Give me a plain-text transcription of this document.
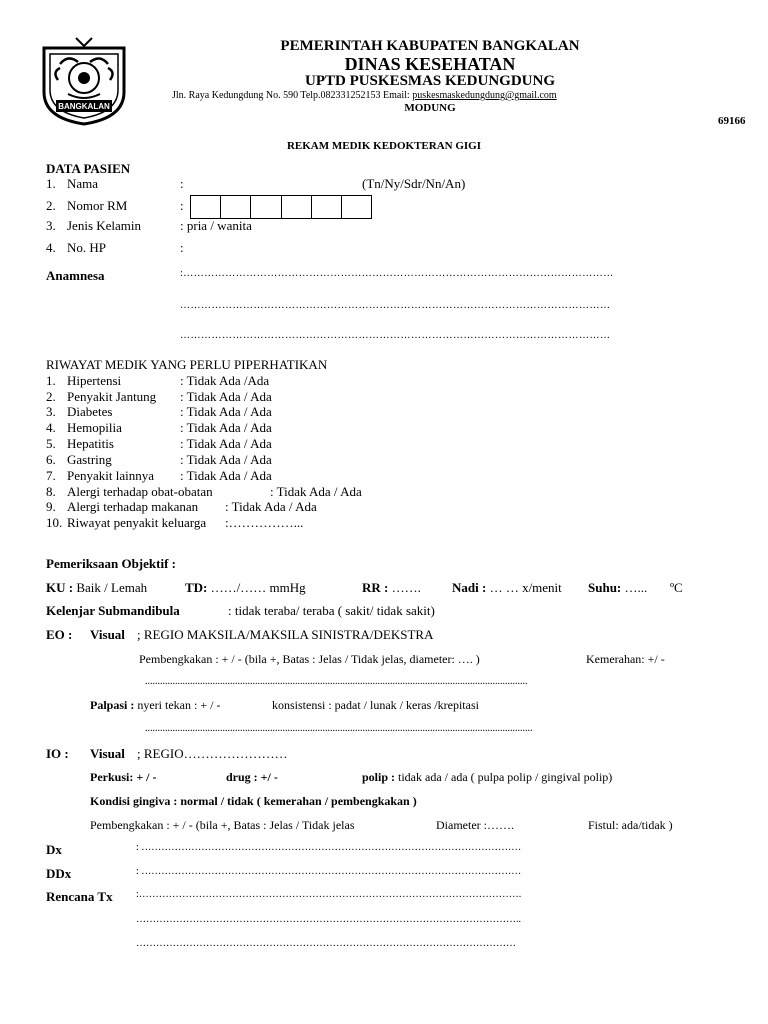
BANGKALAN
PEMERINTAH KABUPATEN BANGKALAN
DINAS KESEHATAN
UPTD PUSKESMAS KEDUNGDUNG
Jln. Raya Kedungdung No. 590 Telp.082331252153 Email: puskesmaskedungdung@gmail.com
MODUNG
69166
REKAM MEDIK KEDOKTERAN GIGI
DATA PASIEN
1. Nama	:	(Tn/Ny/Sdr/Nn/An)
2. Nomor RM	:
3. Jenis Kelamin	: pria / wanita
4. No. HP	:
Anamnesa	:……………………………………………………………………………………………………………
……………………………………………………………………………………………………………
……………………………………………………………………………………………………………
RIWAYAT MEDIK YANG PERLU PIPERHATIKAN
1. Hipertensi	: Tidak Ada /Ada
2. Penyakit Jantung : Tidak Ada / Ada
3. Diabetes	: Tidak Ada / Ada
4. Hemopilia	: Tidak Ada / Ada
5. Hepatitis	: Tidak Ada / Ada
6. Gastring	: Tidak Ada / Ada
7. Penyakit lainnya : Tidak Ada / Ada
8. Alergi terhadap obat-obatan	: Tidak Ada / Ada
9. Alergi terhadap makanan : Tidak Ada / Ada
10. Riwayat penyakit keluarga :……………...
Pemeriksaan Objektif :
KU : Baik / Lemah	TD: ……/…… mmHg	RR : ……. Nadi : … … x/menit Suhu: …... ºC
Kelenjar Submandibula	: tidak teraba/ teraba ( sakit/ tidak sakit)
EO : Visual ; REGIO MAKSILA/MAKSILA SINISTRA/DEKSTRA
Pembengkakan : + / - (bila +, Batas : Jelas / Tidak jelas, diameter: …. )	Kemerahan: +/ -
.........................................................................................................................................................
Palpasi : nyeri tekan : + / -	konsistensi : padat / lunak / keras /krepitasi
...........................................................................................................................................................
IO : Visual ; REGIO……………………
Perkusi: + / -	drug : +/ -	polip : tidak ada / ada ( pulpa polip / gingival polip)
Kondisi gingiva : normal / tidak ( kemerahan / pembengkakan )
Pembengkakan : + / - (bila +, Batas : Jelas / Tidak jelas	Diameter :…….	Fistul: ada/tidak )
Dx	: ……………………………………………………………………………………………………
DDx	: ……………………………………………………………………………………………………
Rencana Tx :…………………………………………………………………………………………………….
……………………………………………………………………………………………………..
……………………………………………………………………………………………………
